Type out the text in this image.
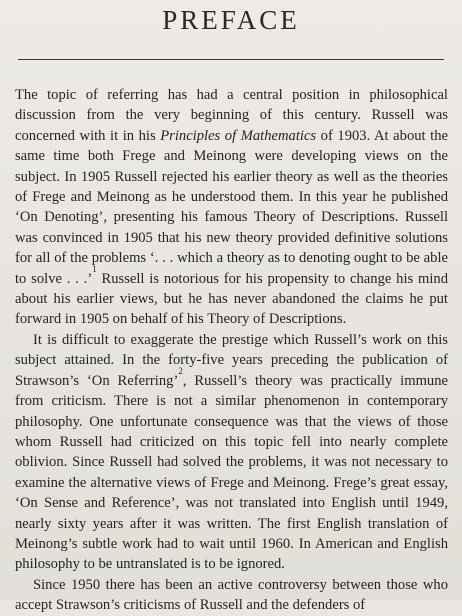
PREFACE

The topic of referring has had a central position in philosophical discussion from the very beginning of this century. Russell was concerned with it in his Principles of Mathematics of 1903. At about the same time both Frege and Meinong were developing views on the subject. In 1905 Russell rejected his earlier theory as well as the theories of Frege and Meinong as he understood them. In this year he published ‘On Denoting’, presenting his famous Theory of Descriptions. Russell was convinced in 1905 that his new theory provided definitive solutions for all of the problems ‘. . . which a theory as to denoting ought to be able to solve . . .’$^1$ Russell is notorious for his propensity to change his mind about his earlier views, but he has never abandoned the claims he put forward in 1905 on behalf of his Theory of Descriptions.

It is difficult to exaggerate the prestige which Russell’s work on this subject attained. In the forty-five years preceding the publication of Strawson’s ‘On Referring’$^2$, Russell’s theory was practically immune from criticism. There is not a similar phenomenon in contemporary philosophy. One unfortunate consequence was that the views of those whom Russell had criticized on this topic fell into nearly complete oblivion. Since Russell had solved the problems, it was not necessary to examine the alternative views of Frege and Meinong. Frege’s great essay, ‘On Sense and Reference’, was not translated into English until 1949, nearly sixty years after it was written. The first English translation of Meinong’s subtle work had to wait until 1960. In American and English philosophy to be untranslated is to be ignored.

Since 1950 there has been an active controversy between those who accept Strawson’s criticisms of Russell and the defenders of
